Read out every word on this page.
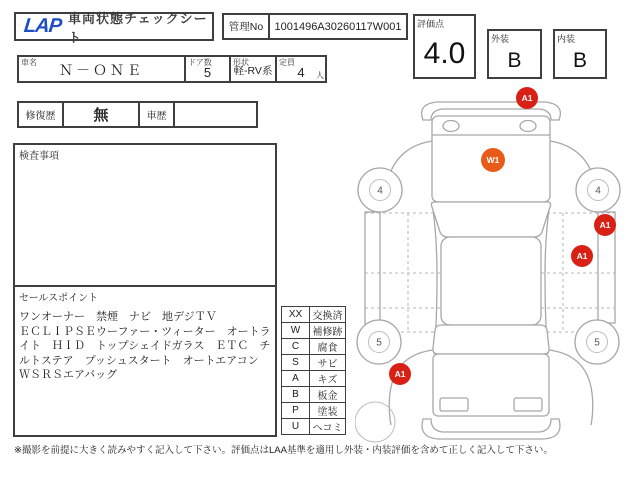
LAP 車両状態チェックシート
管理No	1001496A30260117W001	評価点
4.0	外装
B
内装
B
車名 Ｎ－ＯＮＥ	ドア数
5
形状
軽-RV系
定員
4 人
修復歴	無	車歴
検査事項
セールスポイント
ワンオーナー　禁煙　ナビ　地デジＴＶ
ＥＣＬＩＰＳＥウーファー・ツィーター　オートライト　ＨＩＤ　トップシェイドガラス　ＥＴＣ　チルトステア　プッシュスタート　オートエアコン
ＷＳＲＳエアバッグ
XX	交換済
W	補修跡
C	腐食
S	サビ
A	キズ
B	板金
P	塗装
U	ヘコミ
4	4
5	5
A1
W1
A1
A1
A1
※撮影を前提に大きく読みやすく記入して下さい。評価点はLAA基準を適用し外装・内装評価を含めて正しく記入して下さい。
